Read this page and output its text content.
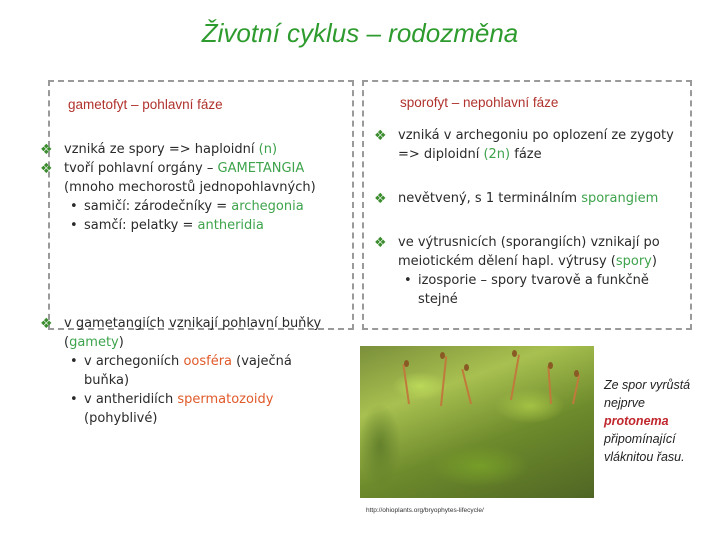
Životní cyklus – rodozměna
gametofyt – pohlavní fáze	sporofyt – nepohlavní fáze
❖ vzniká ze spory => haploidní (n)
❖ tvoří pohlavní orgány – GAMETANGIA (mnoho mechorostů jednopohlavných)
• samičí: zárodečníky = archegonia
• samčí: pelatky = antheridia
❖ v gametangiích vznikají pohlavní buňky (gamety)
• v archegoniích oosféra (vaječná buňka)
• v antheridiích spermatozoidy (pohyblivé)
❖ vzniká v archegoniu po oplození ze zygoty => diploidní (2n) fáze
❖ nevětvený, s 1 terminálním sporangiem
❖ ve výtrusnicích (sporangiích) vznikají po meiotickém dělení hapl. výtrusy (spory)
• izosporie – spory tvarově a funkčně stejné
Ze spor vyrůstá nejprve protonema připomínající vláknitou řasu.
http://ohioplants.org/bryophytes-lifecycle/
